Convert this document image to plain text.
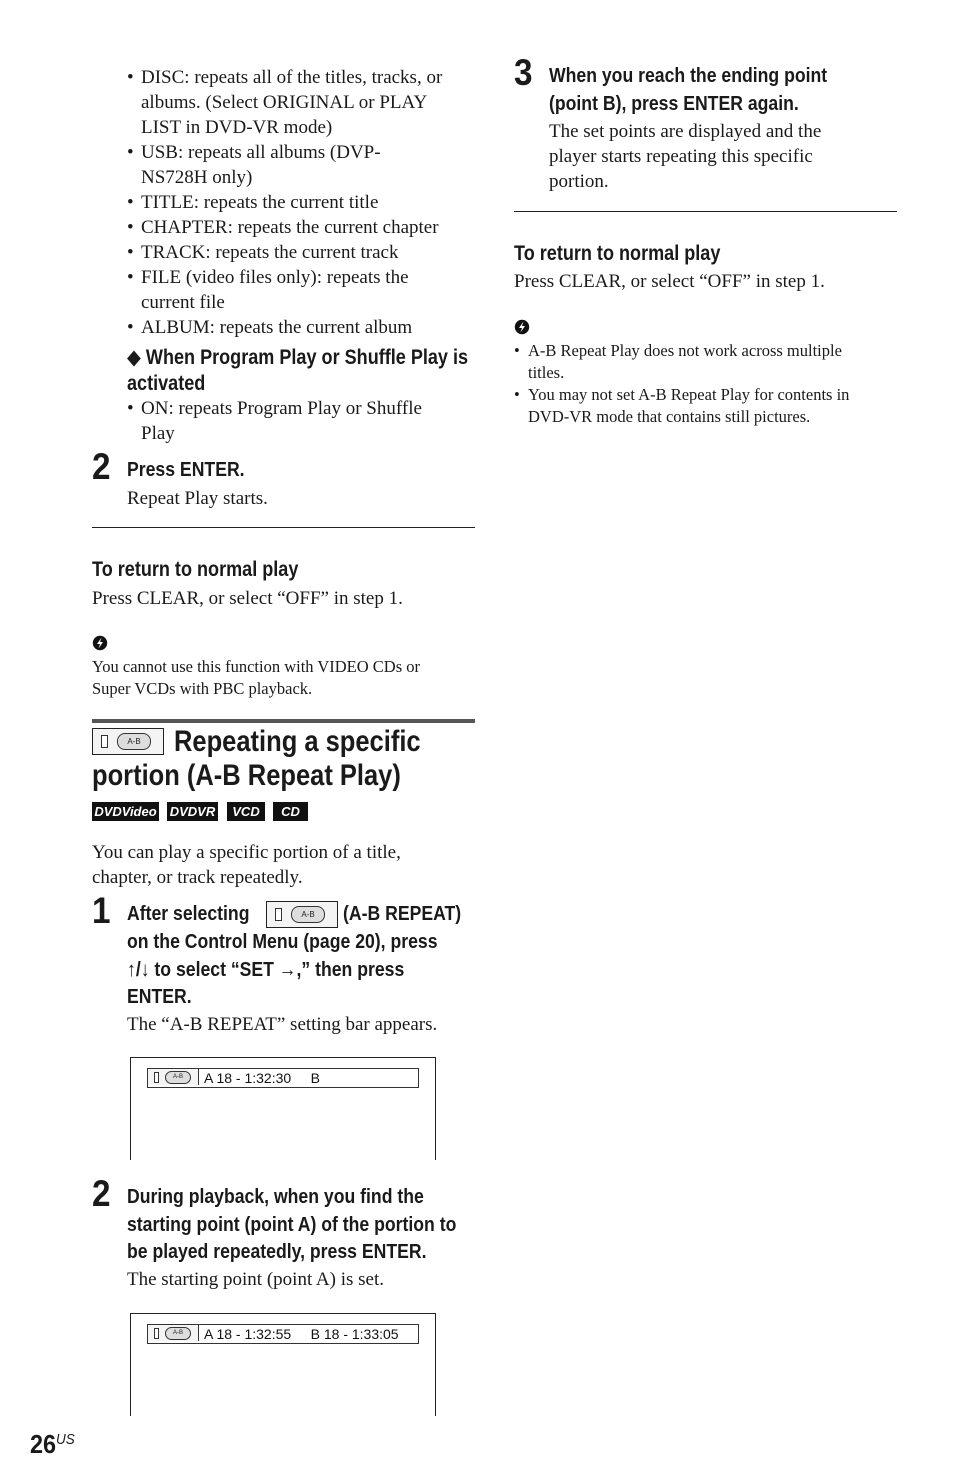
• DISC: repeats all of the titles, tracks, or
albums. (Select ORIGINAL or PLAY
LIST in DVD-VR mode)
• USB: repeats all albums (DVP-
NS728H only)
• TITLE: repeats the current title
• CHAPTER: repeats the current chapter
• TRACK: repeats the current track
• FILE (video files only): repeats the
current file
• ALBUM: repeats the current album
◆ When Program Play or Shuffle Play is
activated
• ON: repeats Program Play or Shuffle
Play
2 Press ENTER.
Repeat Play starts.
To return to normal play
Press CLEAR, or select “OFF” in step 1.
You cannot use this function with VIDEO CDs or
Super VCDs with PBC playback.
A-B	Repeating a specific
portion (A-B Repeat Play)
DVDVideo DVDVR	VCD	CD
You can play a specific portion of a title,
chapter, or track repeatedly.
1 After selecting	A-B	(A-B REPEAT)
on the Control Menu (page 20), press
↑/↓ to select “SET →,” then press
ENTER.
The “A-B REPEAT” setting bar appears.

A-B

	A 18 - 1:32:30     B

2 During playback, when you find the
starting point (point A) of the portion to
be played repeatedly, press ENTER.
The starting point (point A) is set.

A-B

	A 18 - 1:32:55     B 18 - 1:33:05

$26^{US}$
3 When you reach the ending point
(point B), press ENTER again.
The set points are displayed and the
player starts repeating this specific
portion.
To return to normal play
Press CLEAR, or select “OFF” in step 1.
• A-B Repeat Play does not work across multiple
titles.
• You may not set A-B Repeat Play for contents in
DVD-VR mode that contains still pictures.
